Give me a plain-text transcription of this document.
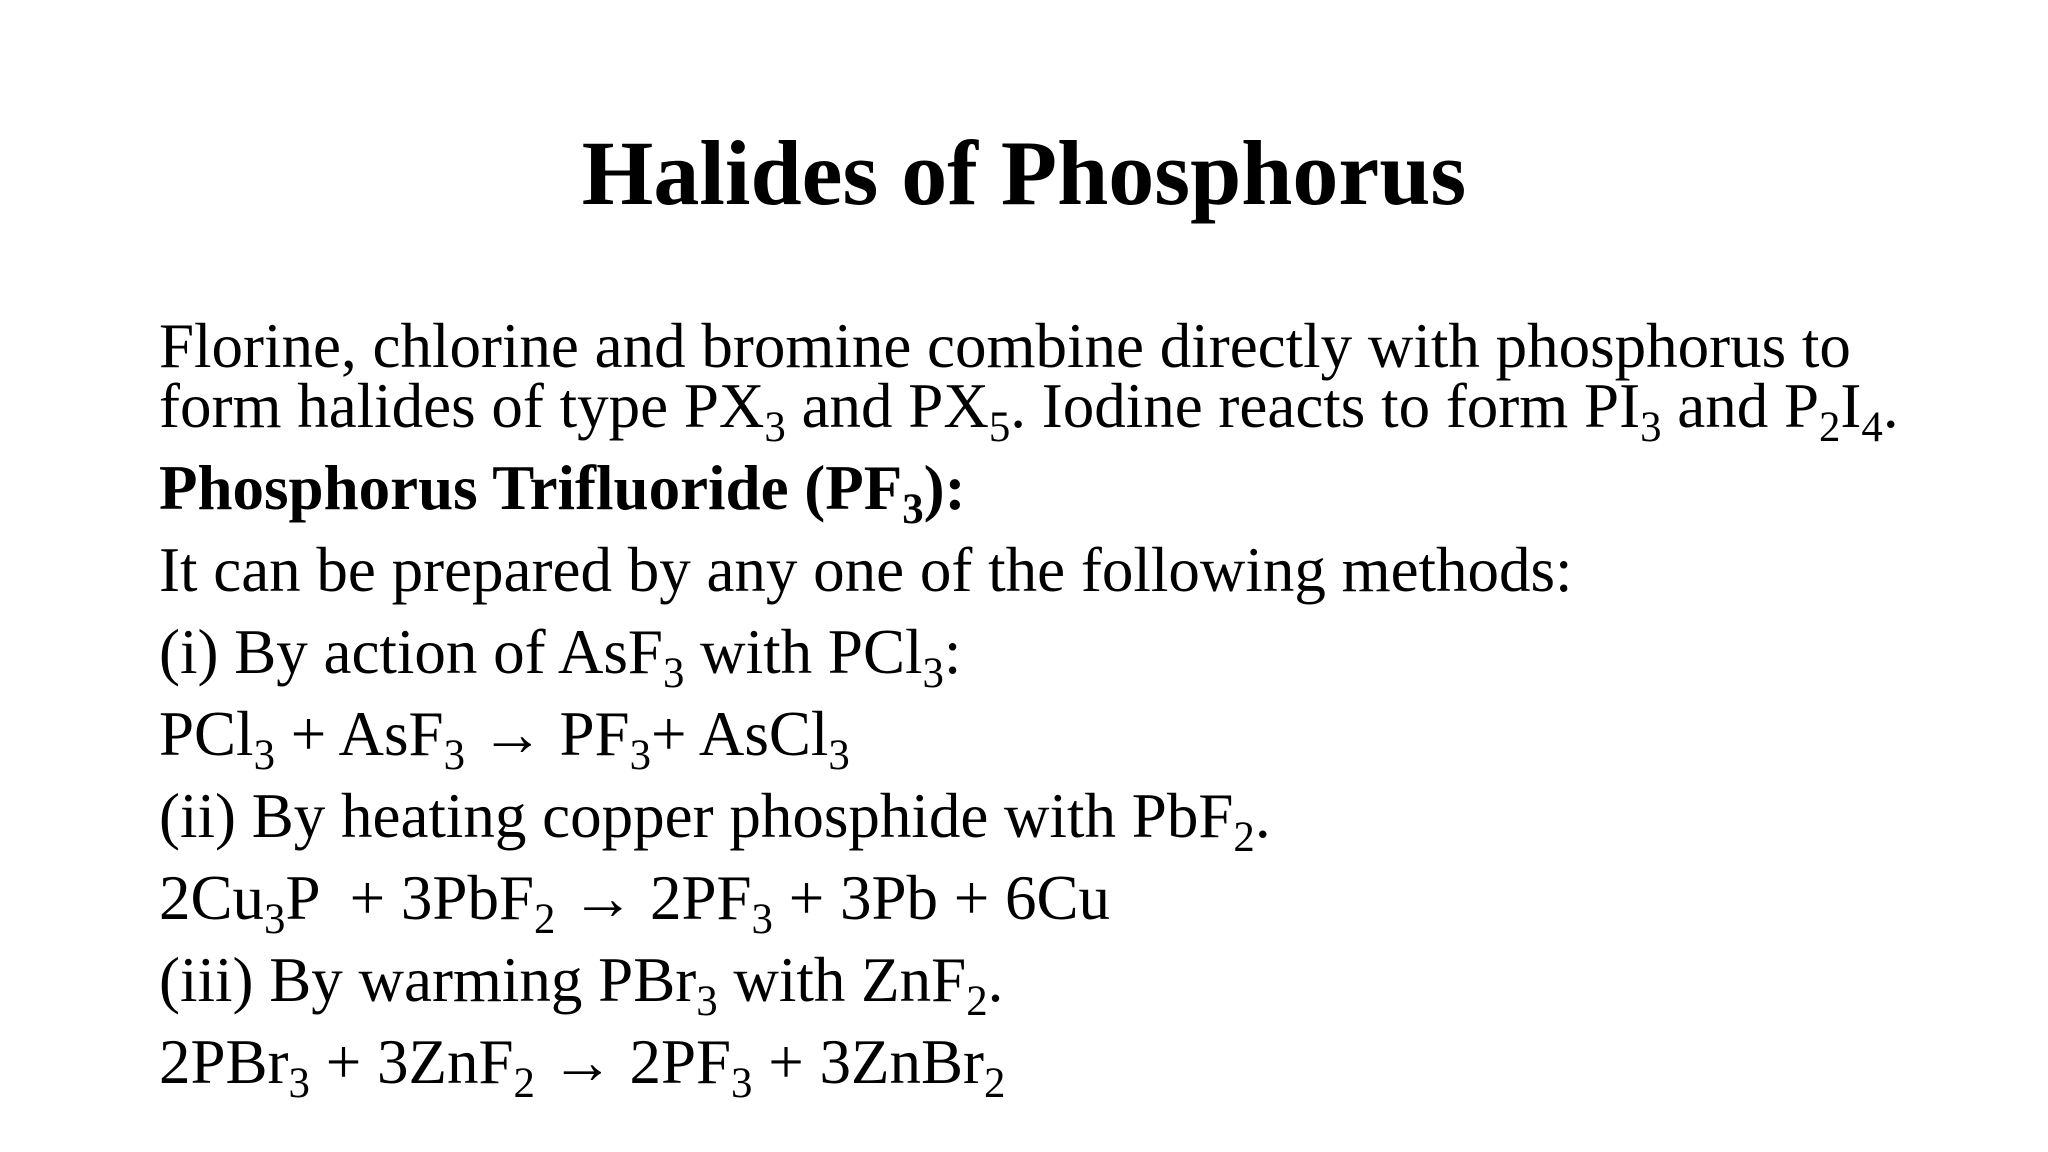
Halides of Phosphorus
Florine, chlorine and bromine combine directly with phosphorus to
form halides of type $PX_3$ and $PX_5$. Iodine reacts to form $PI_3$ and $P_2I_4$.
Phosphorus Trifluoride $(PF_3)$:
It can be prepared by any one of the following methods:
(i) By action of AsF$_3$ with PCl$_3$:
$PCl_3 + AsF_3 \to PF_3+$ AsCl$_3$
(ii) By heating copper phosphide with PbF$_2$.
$2Cu_3P + 3PbF_2 \to 2PF_3 + 3Pb + 6Cu$
(iii) By warming PBr$_3$ with ZnF$_2$.
$2PBr_3 + 3ZnF_2 \to 2PF_3$ + 3ZnBr$_2$
